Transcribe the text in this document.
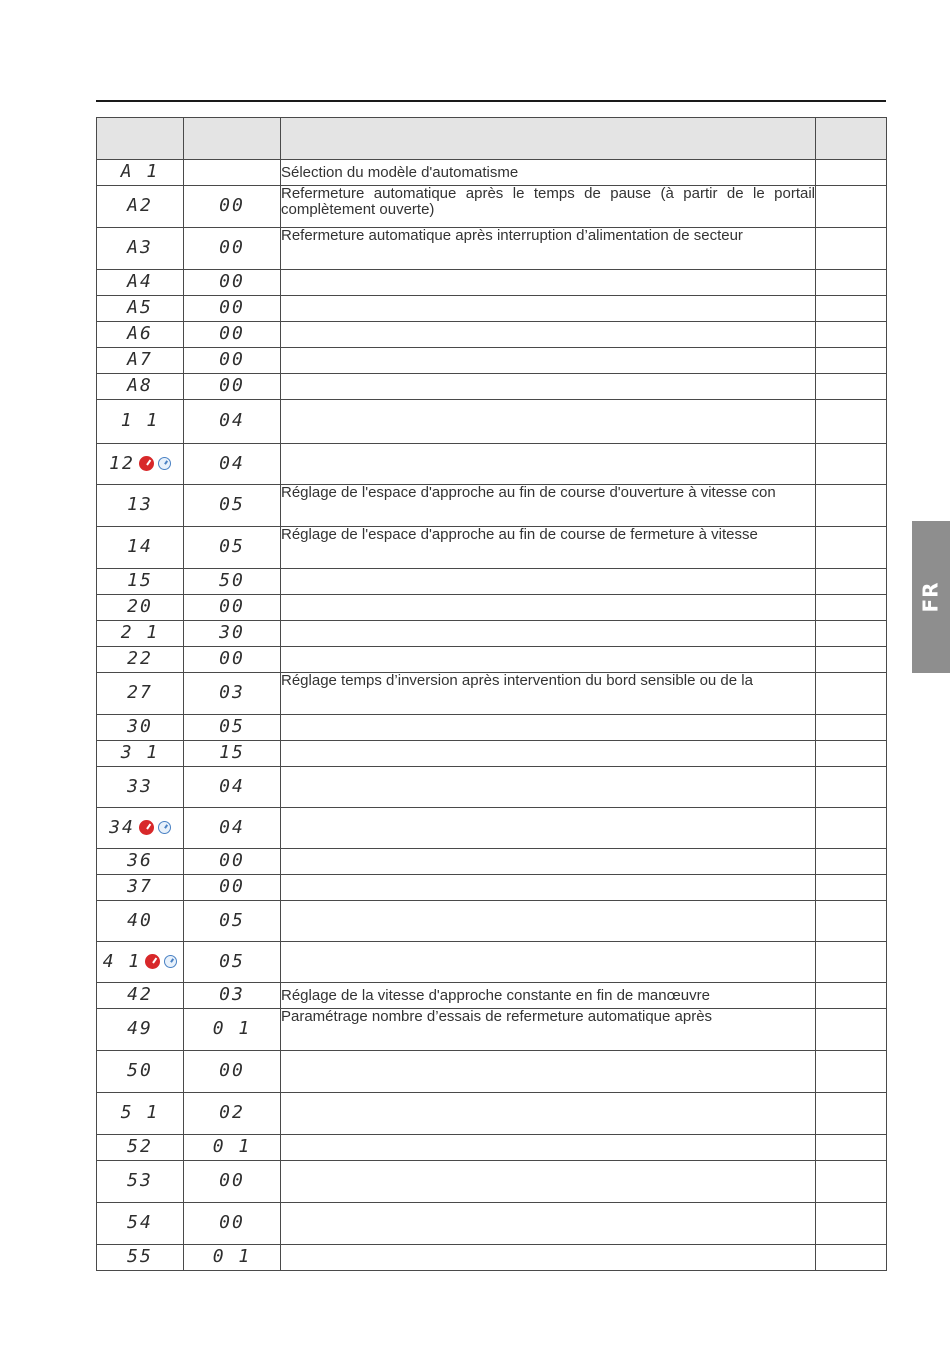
A 1		Sélection du modèle d'automatisme	

A2	00	Refermeture automatique après le temps de pause (à partir de le portail complètement ouverte)	

A3	00	Refermeture automatique après interruption d’alimentation de secteur	

A4	00	

A5	00	

A6	00	

A7	00	

A8	00	

1 1	04	

12	04	

13	05	Réglage de l'espace d'approche au fin de course d'ouverture à vitesse con	

14	05	Réglage de l'espace d'approche au fin de course de fermeture à vitesse	

15	50	

20	00	

2 1	30	

22	00	

27	03	Réglage temps d’inversion après intervention du bord sensible ou de la	

30	05	

3 1	15	

33	04	

34	04	

36	00	

37	00	

40	05	

4 1	05	

42	03	Réglage de la vitesse d'approche constante en fin de manœuvre	

49	0 1	Paramétrage nombre d’essais de refermeture automatique après	

50	00	

5 1	02	

52	0 1	

53	00	

54	00	

55	0 1	

FR
